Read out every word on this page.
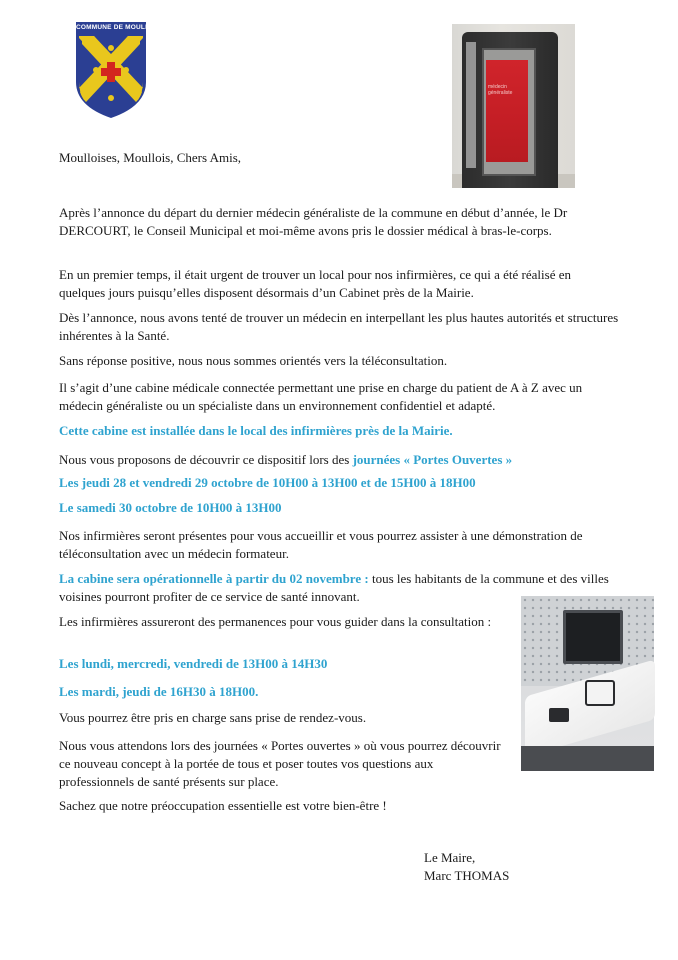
COMMUNE DE MOULLE
médecin généraliste

Moulloises, Moullois, Chers Amis,

Après l’annonce du départ du dernier médecin généraliste de la commune en début d’année, le Dr DERCOURT, le Conseil Municipal et moi-même avons pris le dossier médical à bras-le-corps.

En un premier temps, il était urgent de trouver un local pour nos infirmières, ce qui a été réalisé en quelques jours puisqu’elles disposent désormais d’un Cabinet près de la Mairie.

Dès l’annonce, nous avons tenté de trouver un médecin en interpellant les plus hautes autorités et structures inhérentes à la Santé.

Sans réponse positive, nous nous sommes orientés vers la téléconsultation.

Il s’agit d’une cabine médicale connectée permettant une prise en charge du patient de A à Z avec un médecin généraliste ou un spécialiste dans un environnement confidentiel et adapté.

Cette cabine est installée dans le local des infirmières près de la Mairie.

Nous vous proposons de découvrir ce dispositif lors des journées « Portes Ouvertes »

Les jeudi 28 et vendredi 29 octobre de 10H00 à 13H00 et de 15H00 à 18H00

Le samedi 30 octobre de 10H00 à 13H00

Nos infirmières seront présentes pour vous accueillir et vous pourrez assister à une démonstration de téléconsultation avec un médecin formateur.

La cabine sera opérationnelle à partir du 02 novembre : tous les habitants de la commune et des villes voisines pourront profiter de ce service de santé innovant.

Les infirmières assureront des permanences pour vous guider dans la consultation :

Les lundi, mercredi, vendredi de 13H00 à 14H30

Les mardi, jeudi de 16H30 à 18H00.

Vous pourrez être pris en charge sans prise de rendez-vous.

Nous vous attendons lors des journées « Portes ouvertes » où vous pourrez découvrir ce nouveau concept à la portée de tous et poser toutes vos questions aux professionnels de santé présents sur place.

Sachez que notre préoccupation essentielle est votre bien-être !

Le Maire,

Marc THOMAS
